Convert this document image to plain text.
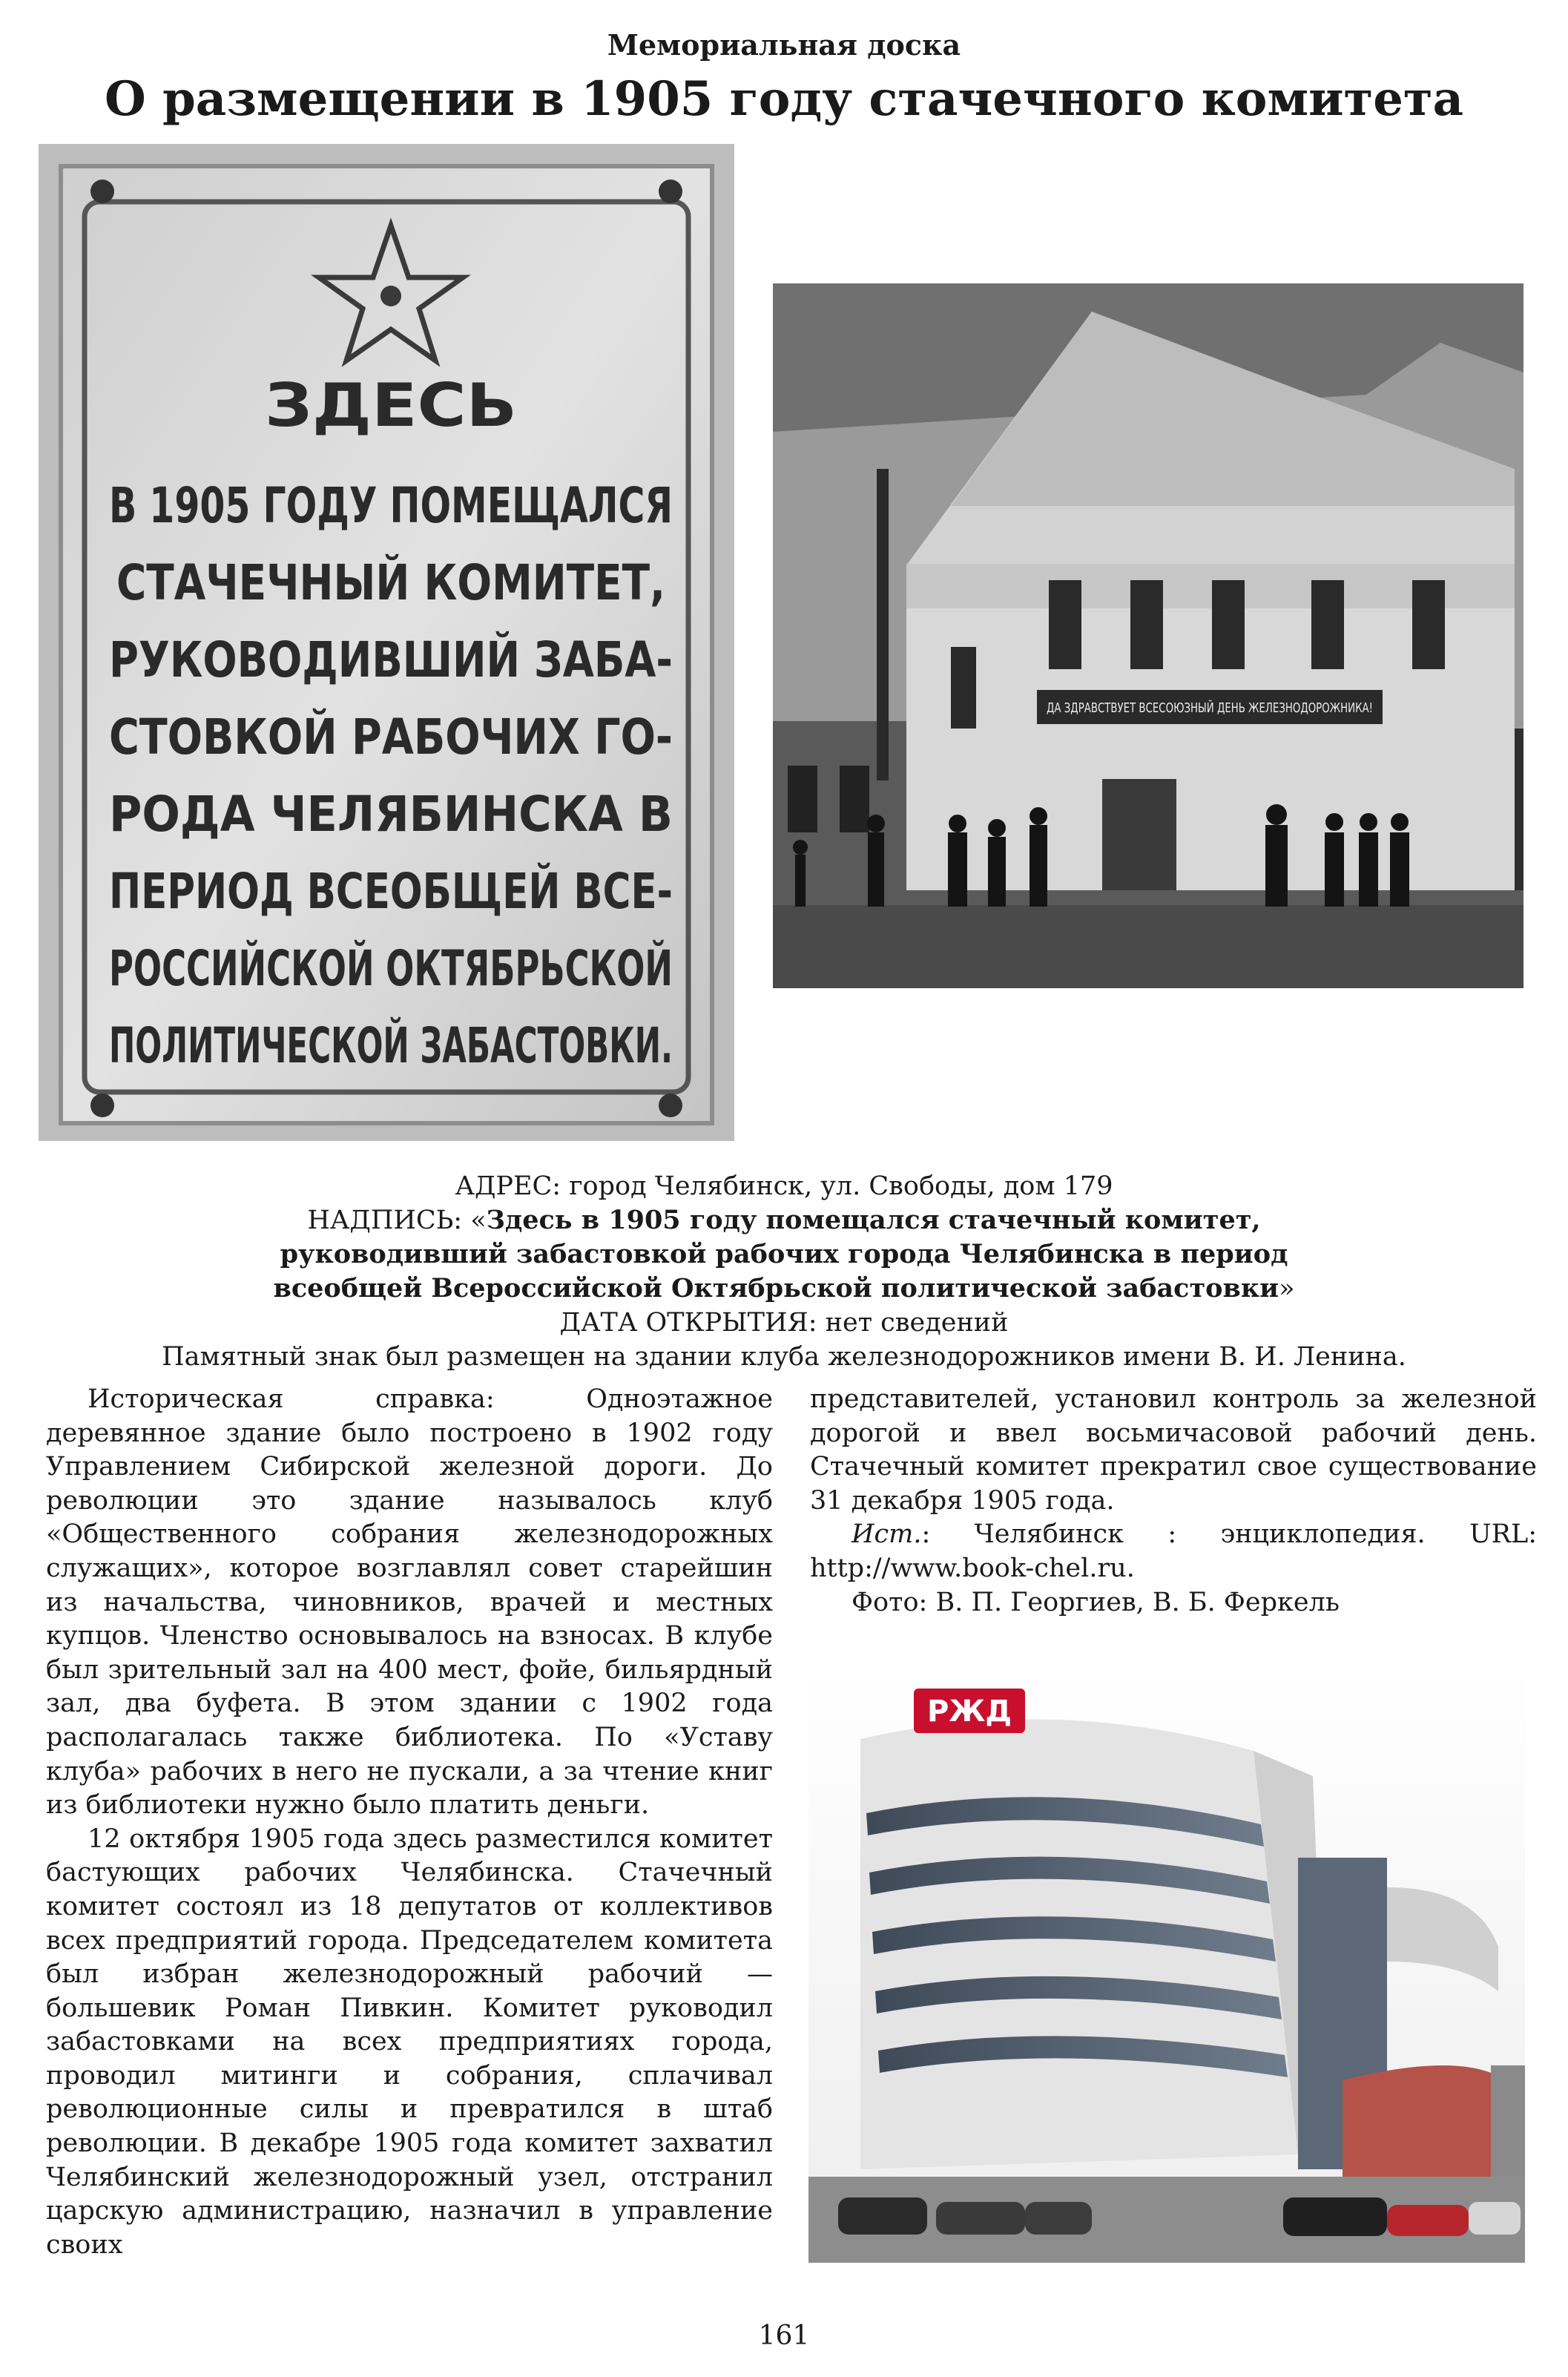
Мемориальная доска
О размещении в 1905 году стачечного комитета
ЗДЕСЬ
В 1905 ГОДУ ПОМЕЩАЛСЯ
СТАЧЕЧНЫЙ КОМИТЕТ,
РУКОВОДИВШИЙ ЗАБА-
СТОВКОЙ РАБОЧИХ ГО-
РОДА ЧЕЛЯБИНСКА В
ПЕРИОД ВСЕОБЩЕЙ ВСЕ-
РОССИЙСКОЙ ОКТЯБРЬСКОЙ
ПОЛИТИЧЕСКОЙ ЗАБАСТОВКИ.
ДА ЗДРАВСТВУЕТ ВСЕСОЮЗНЫЙ ДЕНЬ ЖЕЛЕЗНОДОРОЖНИКА!
АДРЕС: город Челябинск, ул. Свободы, дом 179
НАДПИСЬ: «Здесь в 1905 году помещался стачечный комитет,
руководивший забастовкой рабочих города Челябинска в период
всеобщей Всероссийской Октябрьской политической забастовки»
ДАТА ОТКРЫТИЯ: нет сведений
Памятный знак был размещен на здании клуба железнодорожников имени В. И. Ленина.

Историческая справка: Одноэтажное деревянное здание было построено в 1902 году Управлением Сибирской железной дороги. До революции это здание называлось клуб «Общественного собрания железнодорожных служащих», которое возглавлял совет старейшин из начальства, чиновников, врачей и местных купцов. Членство основывалось на взносах. В клубе был зрительный зал на 400 мест, фойе, бильярдный зал, два буфета. В этом здании с 1902 года располагалась также библиотека. По «Уставу клуба» рабочих в него не пускали, а за чтение книг из библиотеки нужно было платить деньги.

12 октября 1905 года здесь разместился комитет бастующих рабочих Челябинска. Стачечный комитет состоял из 18 депутатов от коллективов всех предприятий города. Председателем комитета был избран железнодорожный рабочий — большевик Роман Пивкин. Комитет руководил забастовками на всех предприятиях города, проводил митинги и собрания, сплачивал революционные силы и превратился в штаб революции. В декабре 1905 года комитет захватил Челябинский железнодорожный узел, отстранил царскую администрацию, назначил в управление своих

представителей, установил контроль за железной дорогой и ввел восьмичасовой рабочий день. Стачечный комитет прекратил свое существование 31 декабря 1905 года.

Ист.: Челябинск : энциклопедия. URL: http://www.book-chel.ru.

Фото: В. П. Георгиев, В. Б. Феркель

РЖД
161
